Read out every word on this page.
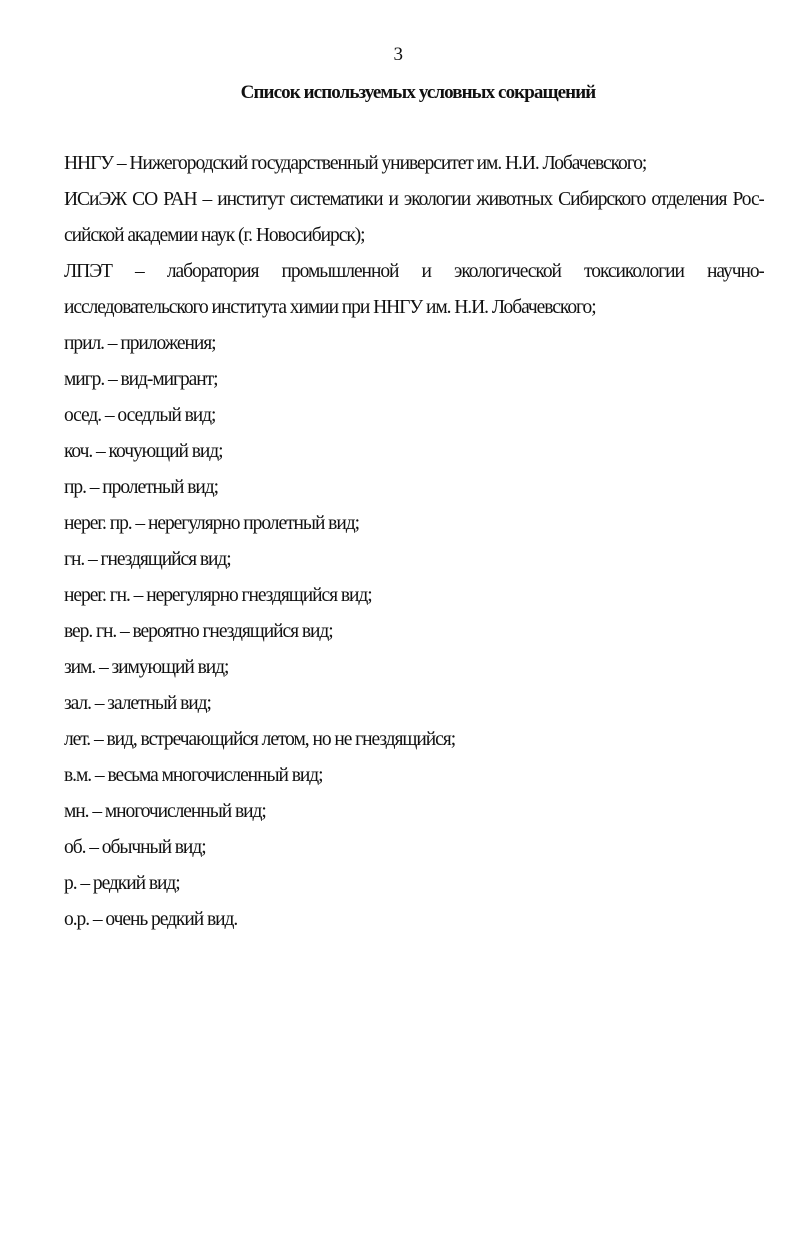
3
Список используемых условных сокращений
ННГУ – Нижегородский государственный университет им. Н.И. Лобачевского;
ИСиЭЖ СО РАН – институт систематики и экологии животных Сибирского отделения Рос-
сийской академии наук (г. Новосибирск);
ЛПЭТ – лаборатория промышленной и экологической токсикологии научно-
исследовательского института химии при ННГУ им. Н.И. Лобачевского;
прил. – приложения;
мигр. – вид-мигрант;
осед. – оседлый вид;
коч. – кочующий вид;
пр. – пролетный вид;
нерег. пр. – нерегулярно пролетный вид;
гн. – гнездящийся вид;
нерег. гн. – нерегулярно гнездящийся вид;
вер. гн. – вероятно гнездящийся вид;
зим. – зимующий вид;
зал. – залетный вид;
лет. – вид, встречающийся летом, но не гнездящийся;
в.м. – весьма многочисленный вид;
мн. – многочисленный вид;
об. – обычный вид;
р. – редкий вид;
о.р. – очень редкий вид.
